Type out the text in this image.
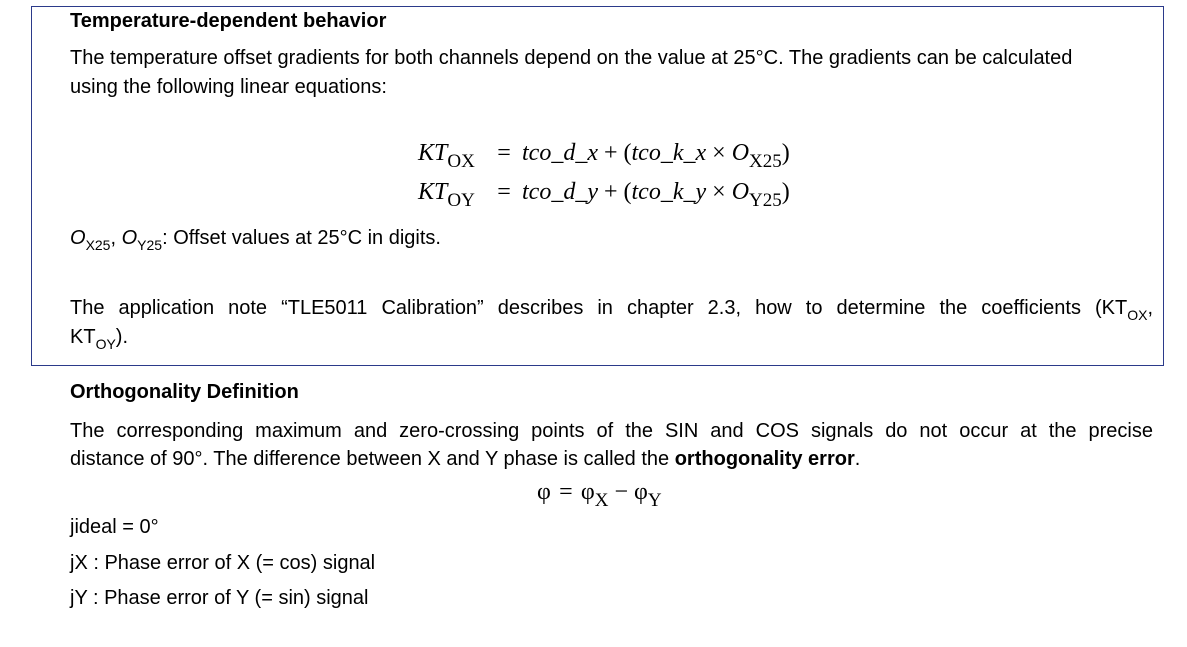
Temperature-dependent behavior
The temperature offset gradients for both channels depend on the value at 25°C. The gradients can be calculated
using the following linear equations:
$KT_{OX}$ = tco_d_x + (tco_k_x × $O_{X25}$)
$KT_{OY}$ = tco_d_y + (tco_k_y × $O_{Y25}$)
$O_{X25}$, $O_{Y25}$: Offset values at 25°C in digits.
The application note “TLE5011 Calibration” describes in chapter 2.3, how to determine the coefficients ($KT_{OX}$,
$KT_{OY}$).
Orthogonality Definition
The corresponding maximum and zero-crossing points of the SIN and COS signals do not occur at the precise
distance of 90°. The difference between X and Y phase is called the orthogonality error.
$\varphi = \varphi_X - \varphi_Y$
jideal = 0°
jX : Phase error of X (= cos) signal
jY : Phase error of Y (= sin) signal
